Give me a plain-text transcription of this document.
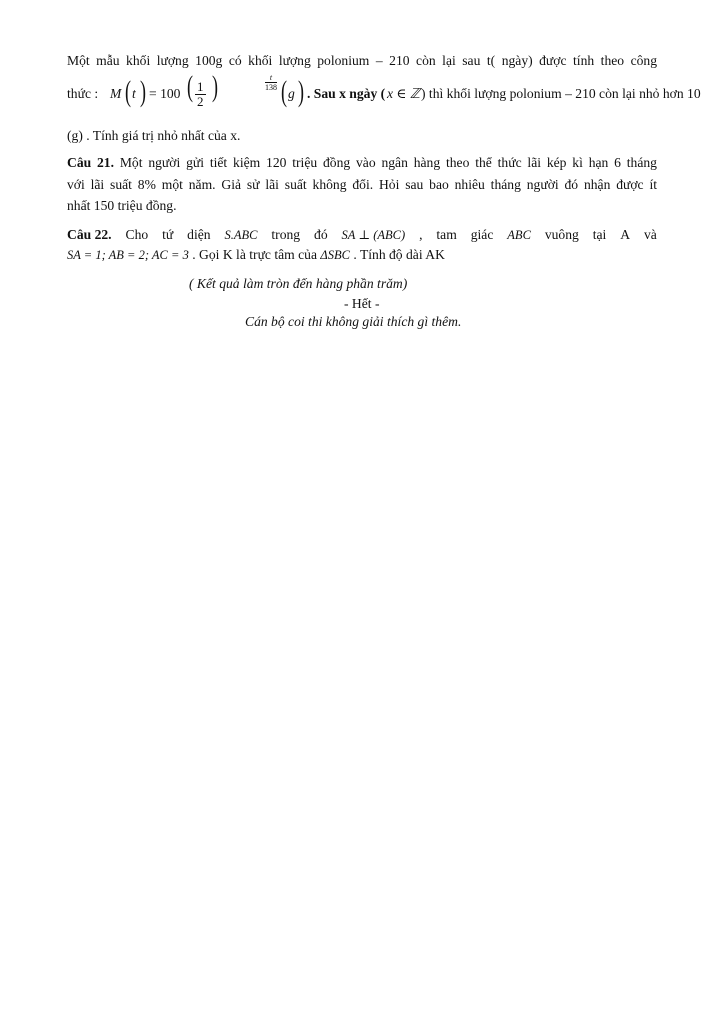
Một mẫu khối lượng 100g có khối lượng polonium – 210 còn lại sau t( ngày) được tính theo công
thức : M ( t ) = 100 ( $\frac{1}{2}$ )	$\frac{t}{138}$ ( g ) . Sau x ngày ( x ∈ ℤ ) thì khối lượng polonium – 210 còn lại nhỏ hơn 10
(g) . Tính giá trị nhỏ nhất của x.
Câu 21. Một người gửi tiết kiệm 120 triệu đồng vào ngân hàng theo thể thức lãi kép kì hạn 6 tháng
với lãi suất 8% một năm. Giả sử lãi suất không đổi. Hỏi sau bao nhiêu tháng người đó nhận được ít
nhất 150 triệu đồng.
Câu 22. Cho tứ diện S.ABC trong đó SA ⊥ (ABC) , tam giác ABC vuông tại A và
SA = 1; AB = 2; AC = 3 . Gọi K là trực tâm của ΔSBC . Tính độ dài AK
( Kết quả làm tròn đến hàng phần trăm)
- Hết -
Cán bộ coi thi không giải thích gì thêm.
